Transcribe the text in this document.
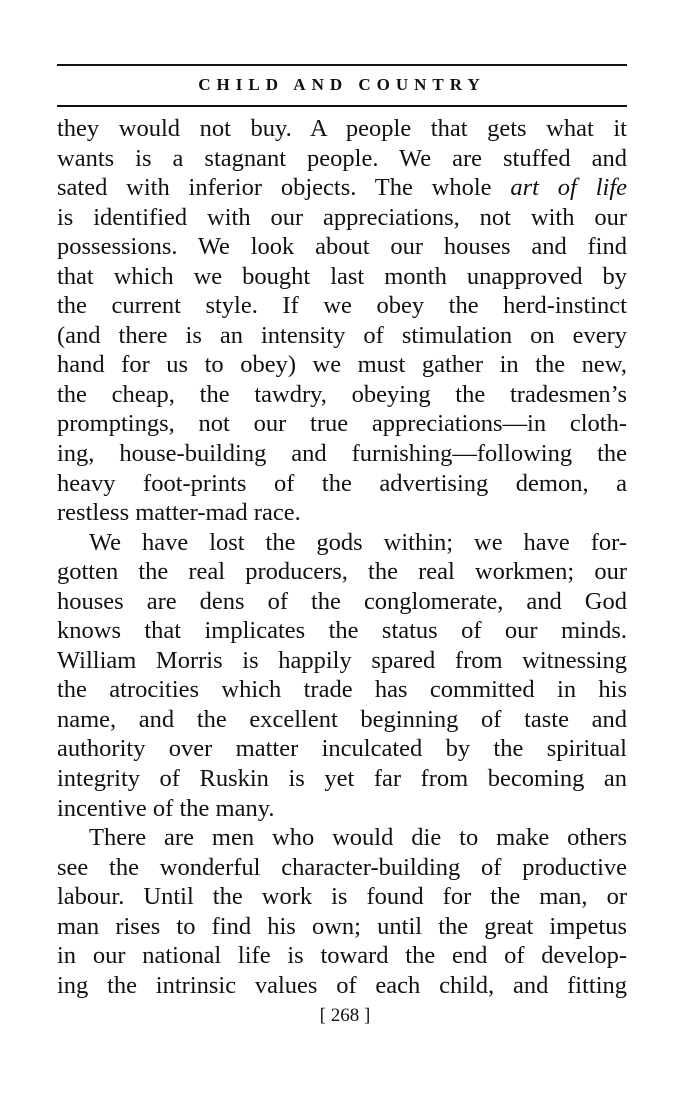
CHILD AND COUNTRY
they would not buy. A people that gets what it
wants is a stagnant people. We are stuffed and
sated with inferior objects. The whole art of life
is identified with our appreciations, not with our
possessions. We look about our houses and find
that which we bought last month unapproved by
the current style. If we obey the herd-instinct
(and there is an intensity of stimulation on every
hand for us to obey) we must gather in the new,
the cheap, the tawdry, obeying the tradesmen’s
promptings, not our true appreciations—in cloth-
ing, house-building and furnishing—following the
heavy foot-prints of the advertising demon, a
restless matter-mad race.
We have lost the gods within; we have for-
gotten the real producers, the real workmen; our
houses are dens of the conglomerate, and God
knows that implicates the status of our minds.
William Morris is happily spared from witnessing
the atrocities which trade has committed in his
name, and the excellent beginning of taste and
authority over matter inculcated by the spiritual
integrity of Ruskin is yet far from becoming an
incentive of the many.
There are men who would die to make others
see the wonderful character-building of productive
labour. Until the work is found for the man, or
man rises to find his own; until the great impetus
in our national life is toward the end of develop-
ing the intrinsic values of each child, and fitting
[ 268 ]
